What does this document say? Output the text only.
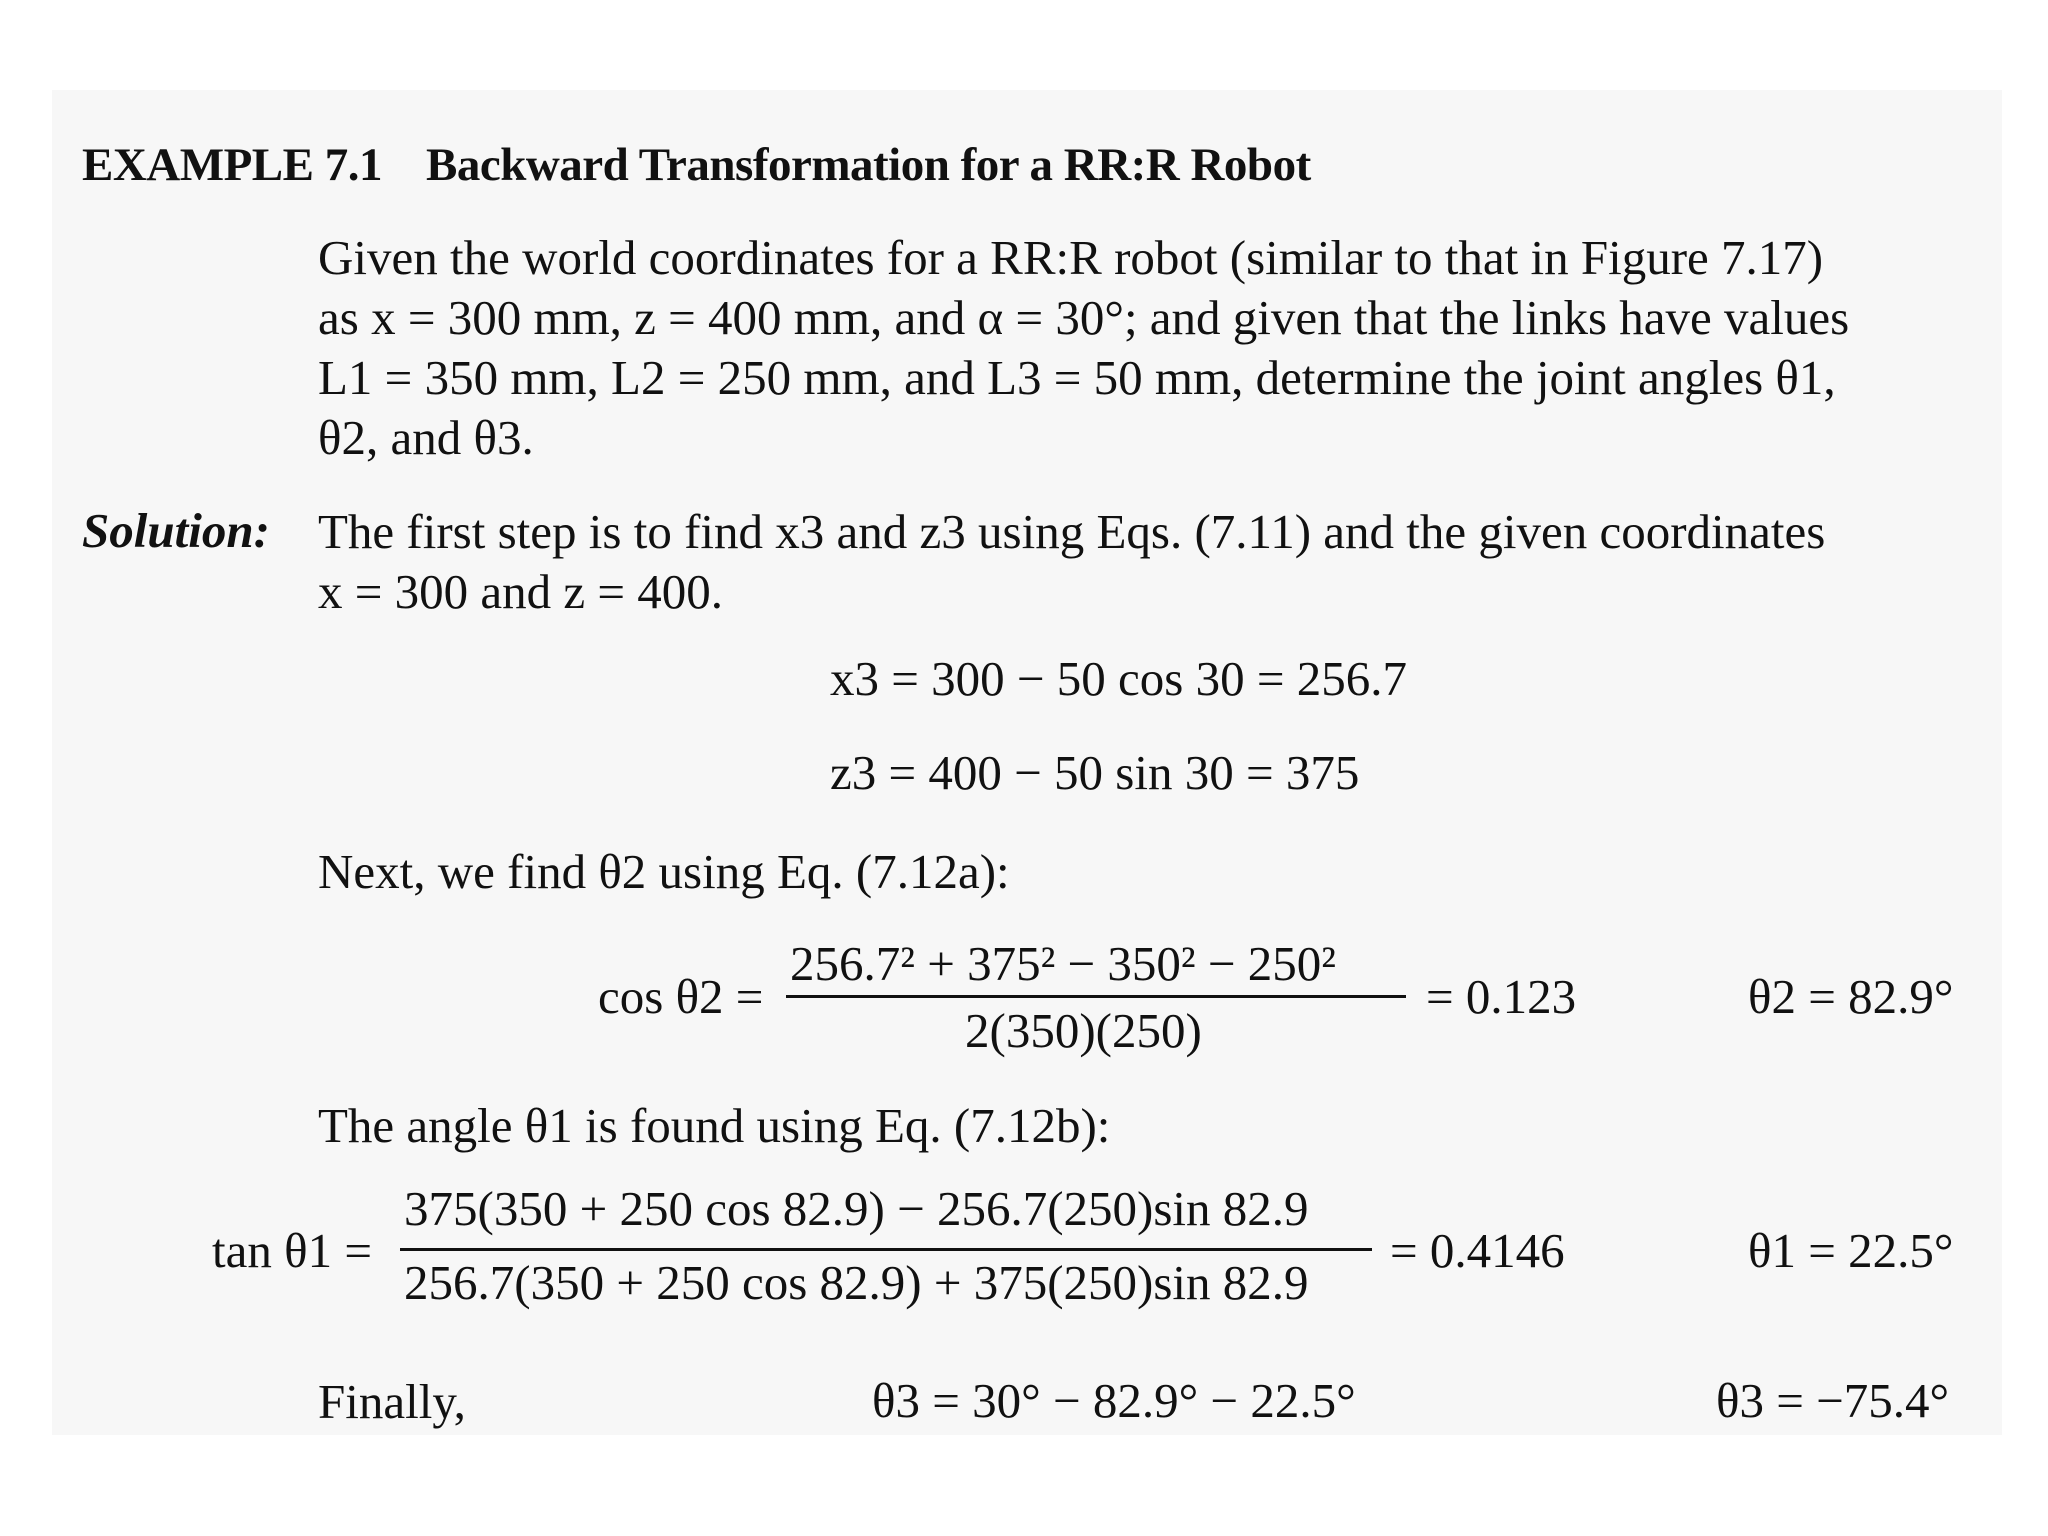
EXAMPLE 7.1 Backward Transformation for a RR:R Robot
Given the world coordinates for a RR:R robot (similar to that in Figure 7.17)
as x = 300 mm, z = 400 mm, and α = 30°; and given that the links have values
L1 = 350 mm, L2 = 250 mm, and L3 = 50 mm, determine the joint angles θ1,
θ2, and θ3.
Solution: The first step is to find x3 and z3 using Eqs. (7.11) and the given coordinates
x = 300 and z = 400.
x3 = 300 − 50 cos 30 = 256.7
z3 = 400 − 50 sin 30 = 375
Next, we find θ2 using Eq. (7.12a):
cos θ2 =
256.7² + 375² − 350² − 250²
2(350)(250)
= 0.123	θ2 = 82.9°
The angle θ1 is found using Eq. (7.12b):
tan θ1 =
375(350 + 250 cos 82.9) − 256.7(250)sin 82.9
256.7(350 + 250 cos 82.9) + 375(250)sin 82.9
= 0.4146	θ1 = 22.5°
Finally,	θ3 = 30° − 82.9° − 22.5°	θ3 = −75.4°
